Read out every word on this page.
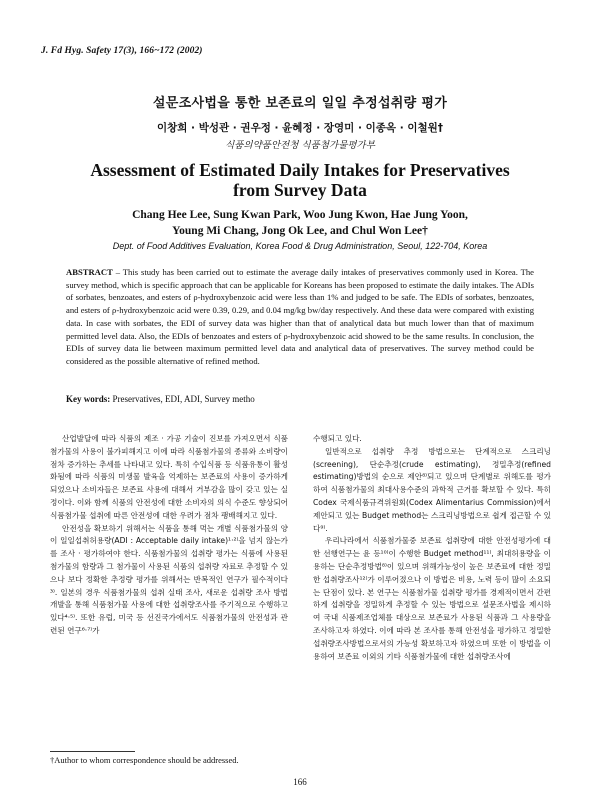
J. Fd Hyg. Safety 17(3), 166~172 (2002)
설문조사법을 통한 보존료의 일일 추정섭취량 평가
이창희 · 박성관 · 권우정 · 윤혜정 · 장영미 · 이종옥 · 이철원†
식품의약품안전청 식품첨가물평가부
Assessment of Estimated Daily Intakes for Preservatives
from Survey Data
Chang Hee Lee, Sung Kwan Park, Woo Jung Kwon, Hae Jung Yoon,
Young Mi Chang, Jong Ok Lee, and Chul Won Lee†
Dept. of Food Additives Evaluation, Korea Food & Drug Administration, Seoul, 122-704, Korea
ABSTRACT – This study has been carried out to estimate the average daily intakes of preservatives commonly used in Korea. The survey method, which is specific approach that can be applicable for Koreans has been proposed to estimate the daily intakes. The ADIs of sorbates, benzoates, and esters of ρ-hydroxybenzoic acid were less than 1% and judged to be safe. The EDIs of sorbates, benzoates, and esters of ρ-hydroxybenzoic acid were 0.39, 0.29, and 0.04 mg/kg bw/day respectively. And these data were compared with existing data. In case with sorbates, the EDI of survey data was higher than that of analytical data but much lower than that of maximum permitted level data. Also, the EDIs of benzoates and esters of ρ-hydroxybenzoic acid showed to be the same results. In conclusion, the EDIs of survey data lie between maximum permitted level data and analytical data of preservatives. The survey method could be considered as the possible alternative of refined method.
Key words: Preservatives, EDI, ADI, Survey metho

산업발달에 따라 식품의 제조 · 가공 기술이 진보를 가져오면서 식품첨가물의 사용이 불가피해지고 이에 따라 식품첨가물의 종류와 소비량이 점차 증가하는 추세를 나타내고 있다. 특히 수입식품 등 식품유통이 활성화됨에 따라 식품의 미생물 발육을 억제하는 보존료의 사용이 증가하게 되었으나 소비자들은 보존료 사용에 대해서 거부감을 많이 갖고 있는 실정이다. 이와 함께 식품의 안전성에 대한 소비자의 의식 수준도 향상되어 식품첨가물 섭취에 따른 안전성에 대한 우려가 점차 팽배해지고 있다.

안전성을 확보하기 위해서는 식품을 통해 먹는 개별 식품첨가물의 양이 일일섭취허용량(ADI : Acceptable daily intake)¹·²⁾을 넘지 않는가를 조사 · 평가하여야 한다. 식품첨가물의 섭취량 평가는 식품에 사용된 첨가물의 함량과 그 첨가물이 사용된 식품의 섭취량 자료로 추정할 수 있으나 보다 정확한 추정량 평가를 위해서는 반복적인 연구가 필수적이다³⁾. 일본의 경우 식품첨가물의 섭취 실태 조사, 새로운 섭취량 조사 방법 개발을 통해 식품첨가물 사용에 대한 섭취량조사를 주기적으로 수행하고 있다⁴·⁵⁾. 또한 유럽, 미국 등 선진국가에서도 식품첨가물의 안전성과 관련된 연구⁶·⁷⁾가

수행되고 있다.

일반적으로 섭취량 추정 방법으로는 단계적으로 스크리닝(screening), 단순추정(crude estimating), 정밀추정(refined estimating)방법의 순으로 제안⁸⁾되고 있으며 단계별로 위해도를 평가하여 식품첨가물의 최대사용수준의 과학적 근거를 확보할 수 있다. 특히 Codex 국제식품규격위원회(Codex Alimentarius Commission)에서 제안되고 있는 Budget method는 스크리닝방법으로 쉽게 접근할 수 있다⁹⁾.

우리나라에서 식품첨가물중 보존료 섭취량에 대한 안전성평가에 대한 선행연구는 윤 등¹⁰⁾이 수행한 Budget method¹¹⁾, 최대허용량을 이용하는 단순추정방법⁸⁾이 있으며 위해가능성이 높은 보존료에 대한 정밀한 섭취량조사¹²⁾가 이루어졌으나 이 방법은 비용, 노력 등이 많이 소요되는 단점이 있다. 본 연구는 식품첨가물 섭취량 평가를 경제적이면서 간편하게 섭취량을 정밀하게 추정할 수 있는 방법으로 설문조사법을 제시하여 국내 식품제조업체를 대상으로 보존료가 사용된 식품과 그 사용량을 조사하고자 하였다. 이에 따라 본 조사를 통해 안전성을 평가하고 정밀한 섭취량조사방법으로서의 가능성 확보하고자 하였으며 또한 이 방법을 이용하여 보존료 이외의 기타 식품첨가물에 대한 섭취량조사에

†Author to whom correspondence should be addressed.
166
